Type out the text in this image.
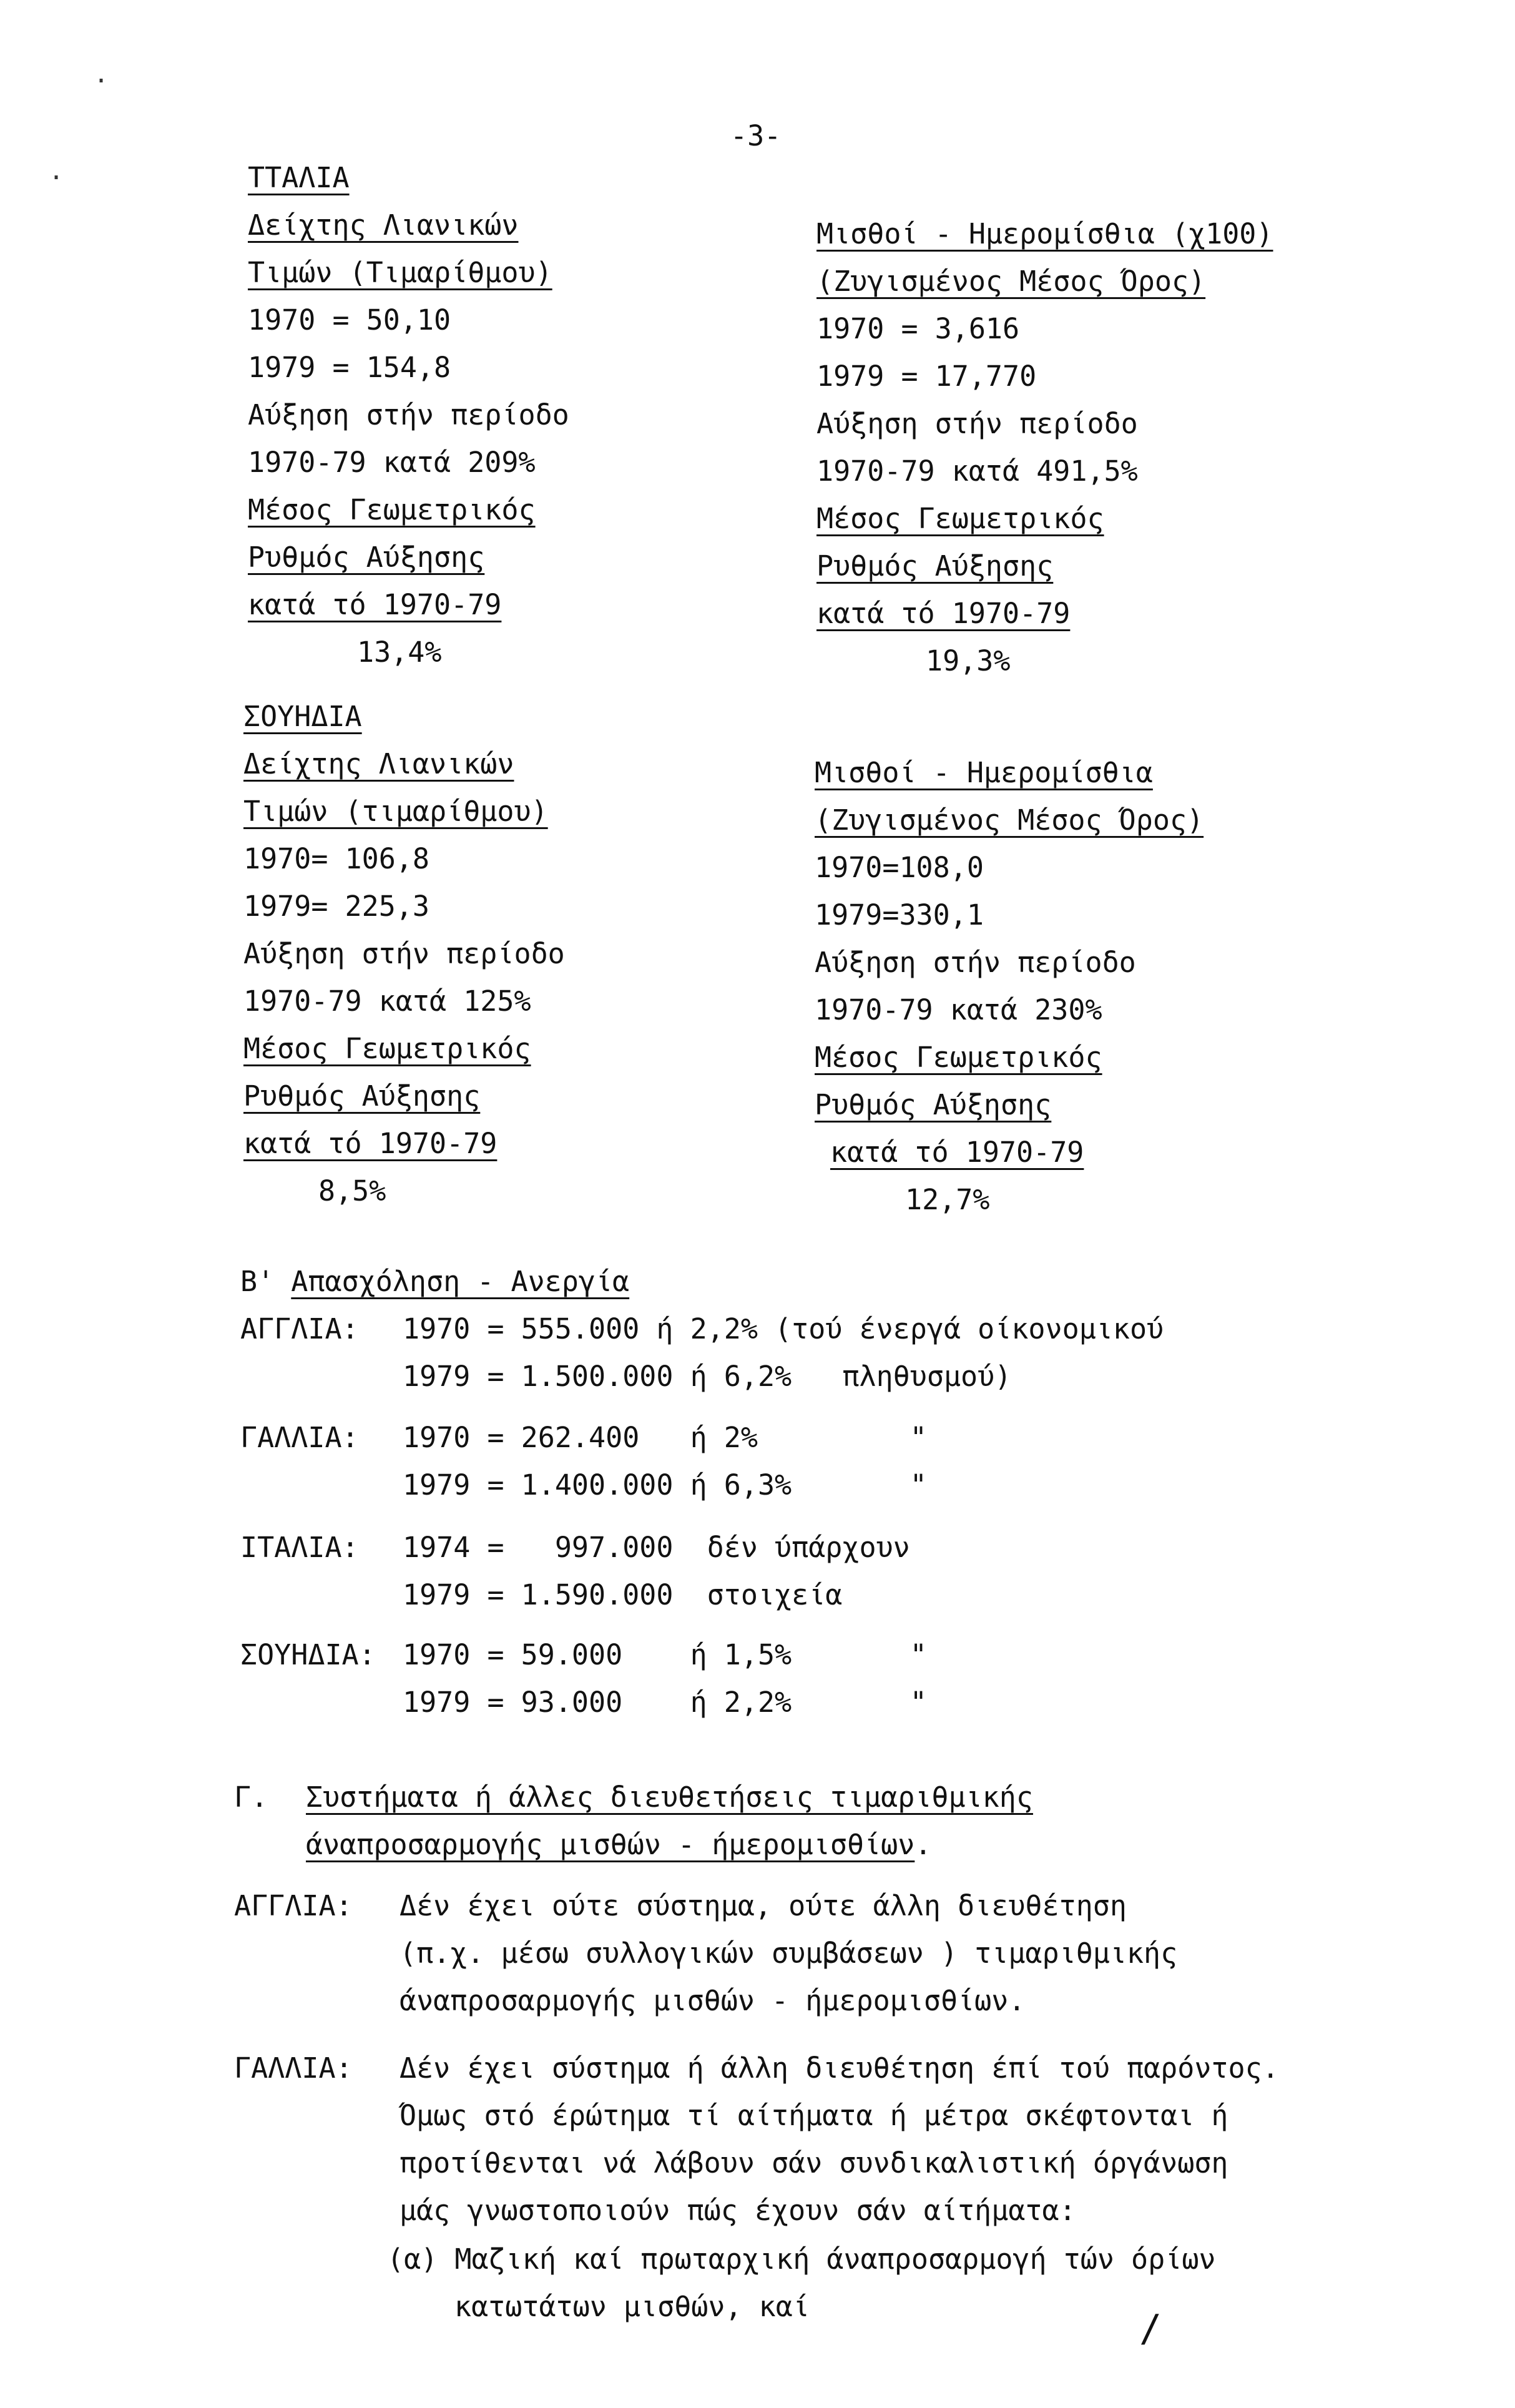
-3-
ΤΤΑΛΙΑ
Δείχτης Λιανικών
Τιμών (Τιμαρίθμου)
1970 = 50,10
1979 = 154,8
Αύξηση στήν περίοδο
1970-79 κατά 209%
Μέσος Γεωμετρικός
Ρυθμός Αύξησης
κατά τό 1970-79
13,4%
Μισθοί - Ημερομίσθια (χ100)
(Ζυγισμένος Μέσος Όρος)
1970 = 3,616
1979 = 17,770
Αύξηση στήν περίοδο
1970-79 κατά 491,5%
Μέσος Γεωμετρικός
Ρυθμός Αύξησης
κατά τό 1970-79
19,3%
ΣΟΥΗΔΙΑ
Δείχτης Λιανικών
Τιμών (τιμαρίθμου)
1970= 106,8
1979= 225,3
Αύξηση στήν περίοδο
1970-79 κατά 125%
Μέσος Γεωμετρικός
Ρυθμός Αύξησης
κατά τό 1970-79
8,5%
Μισθοί - Ημερομίσθια
(Ζυγισμένος Μέσος Όρος)
1970=108,0
1979=330,1
Αύξηση στήν περίοδο
1970-79 κατά 230%
Μέσος Γεωμετρικός
Ρυθμός Αύξησης
κατά τό 1970-79
12,7%
Β' Απασχόληση - Ανεργία
ΑΓΓΛΙΑ: 1970 = 555.000 ή 2,2% (τού ένεργά οίκονομικού
1979 = 1.500.000 ή 6,2%   πληθυσμού)
ΓΑΛΛΙΑ: 1970 = 262.400   ή 2%         "
1979 = 1.400.000 ή 6,3%       "
ΙΤΑΛΙΑ: 1974 =   997.000  δέν ύπάρχουν
1979 = 1.590.000  στοιχεία
ΣΟΥΗΔΙΑ: 1970 = 59.000    ή 1,5%       "
1979 = 93.000    ή 2,2%       "
Γ. Συστήματα ή άλλες διευθετήσεις τιμαριθμικής
άναπροσαρμογής μισθών - ήμερομισθίων.
ΑΓΓΛΙΑ: Δέν έχει ούτε σύστημα, ούτε άλλη διευθέτηση
(π.χ. μέσω συλλογικών συμβάσεων ) τιμαριθμικής
άναπροσαρμογής μισθών - ήμερομισθίων.
ΓΑΛΛΙΑ: Δέν έχει σύστημα ή άλλη διευθέτηση έπί τού παρόντος.
Όμως στό έρώτημα τί αίτήματα ή μέτρα σκέφτονται ή
προτίθενται νά λάβουν σάν συνδικαλιστική όργάνωση
μάς γνωστοποιούν πώς έχουν σάν αίτήματα:
(α) Μαζική καί πρωταρχική άναπροσαρμογή τών όρίων
κατωτάτων μισθών, καί
/
·
·
